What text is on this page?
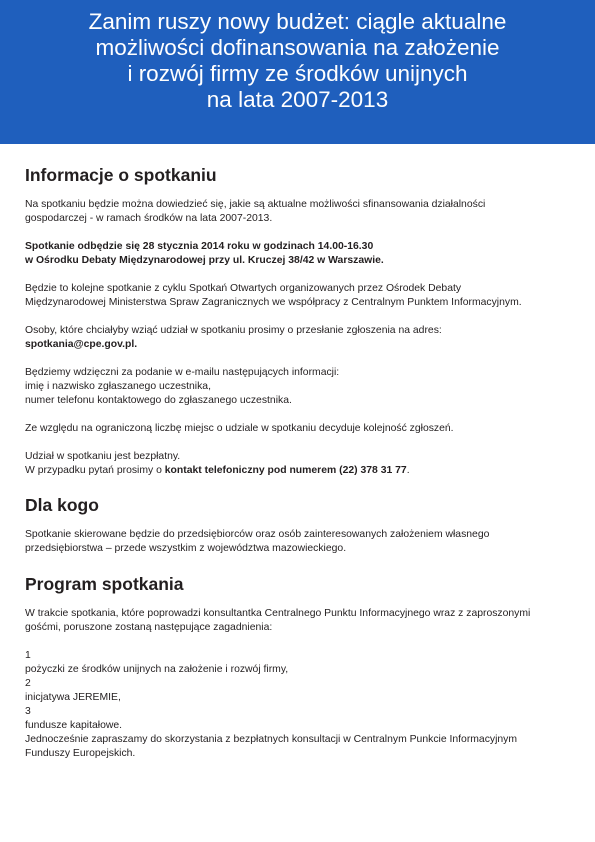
Zanim ruszy nowy budżet: ciągle aktualne
możliwości dofinansowania na założenie
i rozwój firmy ze środków unijnych
na lata 2007-2013
Informacje o spotkaniu

Na spotkaniu będzie można dowiedzieć się, jakie są aktualne możliwości sfinansowania działalności
gospodarczej - w ramach środków na lata 2007-2013.

Spotkanie odbędzie się 28 stycznia 2014 roku w godzinach 14.00-16.30
w Ośrodku Debaty Międzynarodowej przy ul. Kruczej 38/42 w Warszawie.

Będzie to kolejne spotkanie z cyklu Spotkań Otwartych organizowanych przez Ośrodek Debaty
Międzynarodowej Ministerstwa Spraw Zagranicznych we współpracy z Centralnym Punktem Informacyjnym.

Osoby, które chciałyby wziąć udział w spotkaniu prosimy o przesłanie zgłoszenia na adres:
spotkania@cpe.gov.pl.

Będziemy wdzięczni za podanie w e-mailu następujących informacji:
imię i nazwisko zgłaszanego uczestnika,
numer telefonu kontaktowego do zgłaszanego uczestnika.

Ze względu na ograniczoną liczbę miejsc o udziale w spotkaniu decyduje kolejność zgłoszeń.

Udział w spotkaniu jest bezpłatny.
W przypadku pytań prosimy o kontakt telefoniczny pod numerem (22) 378 31 77.

Dla kogo

Spotkanie skierowane będzie do przedsiębiorców oraz osób zainteresowanych założeniem własnego
przedsiębiorstwa – przede wszystkim z województwa mazowieckiego.

Program spotkania

W trakcie spotkania, które poprowadzi konsultantka Centralnego Punktu Informacyjnego wraz z zaproszonymi
gośćmi, poruszone zostaną następujące zagadnienia:

1
pożyczki ze środków unijnych na założenie i rozwój firmy,
2
inicjatywa JEREMIE,
3
fundusze kapitałowe.
Jednocześnie zapraszamy do skorzystania z bezpłatnych konsultacji w Centralnym Punkcie Informacyjnym
Funduszy Europejskich.
